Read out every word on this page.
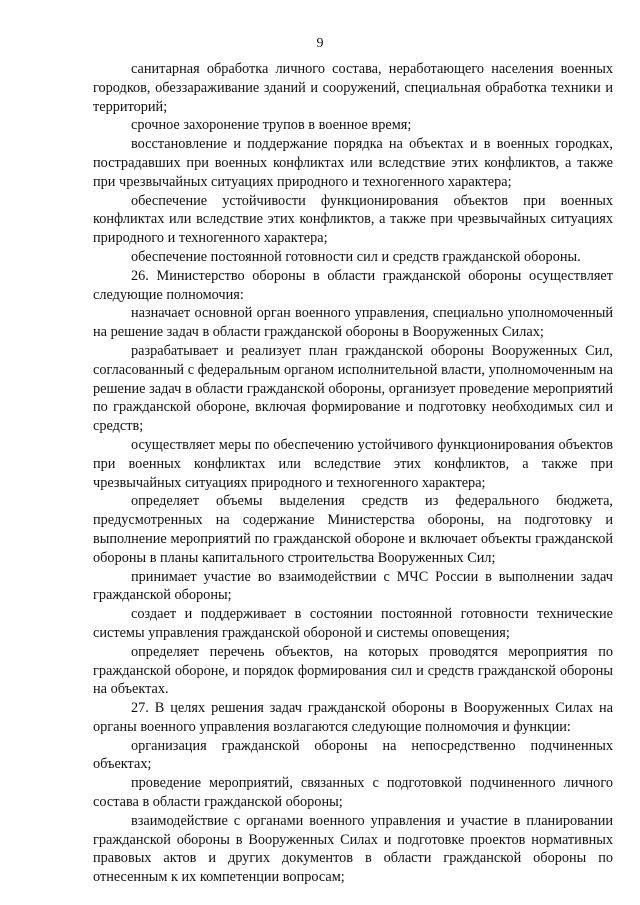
9

санитарная обработка личного состава, неработающего населения военных городков, обеззараживание зданий и сооружений, специальная обработка техники и территорий;

срочное захоронение трупов в военное время;

восстановление и поддержание порядка на объектах и в военных городках, пострадавших при военных конфликтах или вследствие этих конфликтов, а также при чрезвычайных ситуациях природного и техногенного характера;

обеспечение устойчивости функционирования объектов при военных конфликтах или вследствие этих конфликтов, а также при чрезвычайных ситуациях природного и техногенного характера;

обеспечение постоянной готовности сил и средств гражданской обороны.

26. Министерство обороны в области гражданской обороны осуществляет следующие полномочия:

назначает основной орган военного управления, специально уполномоченный на решение задач в области гражданской обороны в Вооруженных Силах;

разрабатывает и реализует план гражданской обороны Вооруженных Сил, согласованный с федеральным органом исполнительной власти, уполномоченным на решение задач в области гражданской обороны, организует проведение мероприятий по гражданской обороне, включая формирование и подготовку необходимых сил и средств;

осуществляет меры по обеспечению устойчивого функционирования объектов при военных конфликтах или вследствие этих конфликтов, а также при чрезвычайных ситуациях природного и техногенного характера;

определяет объемы выделения средств из федерального бюджета, предусмотренных на содержание Министерства обороны, на подготовку и выполнение мероприятий по гражданской обороне и включает объекты гражданской обороны в планы капитального строительства Вооруженных Сил;

принимает участие во взаимодействии с МЧС России в выполнении задач гражданской обороны;

создает и поддерживает в состоянии постоянной готовности технические системы управления гражданской обороной и системы оповещения;

определяет перечень объектов, на которых проводятся мероприятия по гражданской обороне, и порядок формирования сил и средств гражданской обороны на объектах.

27. В целях решения задач гражданской обороны в Вооруженных Силах на органы военного управления возлагаются следующие полномочия и функции:

организация гражданской обороны на непосредственно подчиненных объектах;

проведение мероприятий, связанных с подготовкой подчиненного личного состава в области гражданской обороны;

взаимодействие с органами военного управления и участие в планировании гражданской обороны в Вооруженных Силах и подготовке проектов нормативных правовых актов и других документов в области гражданской обороны по отнесенным к их компетенции вопросам;
